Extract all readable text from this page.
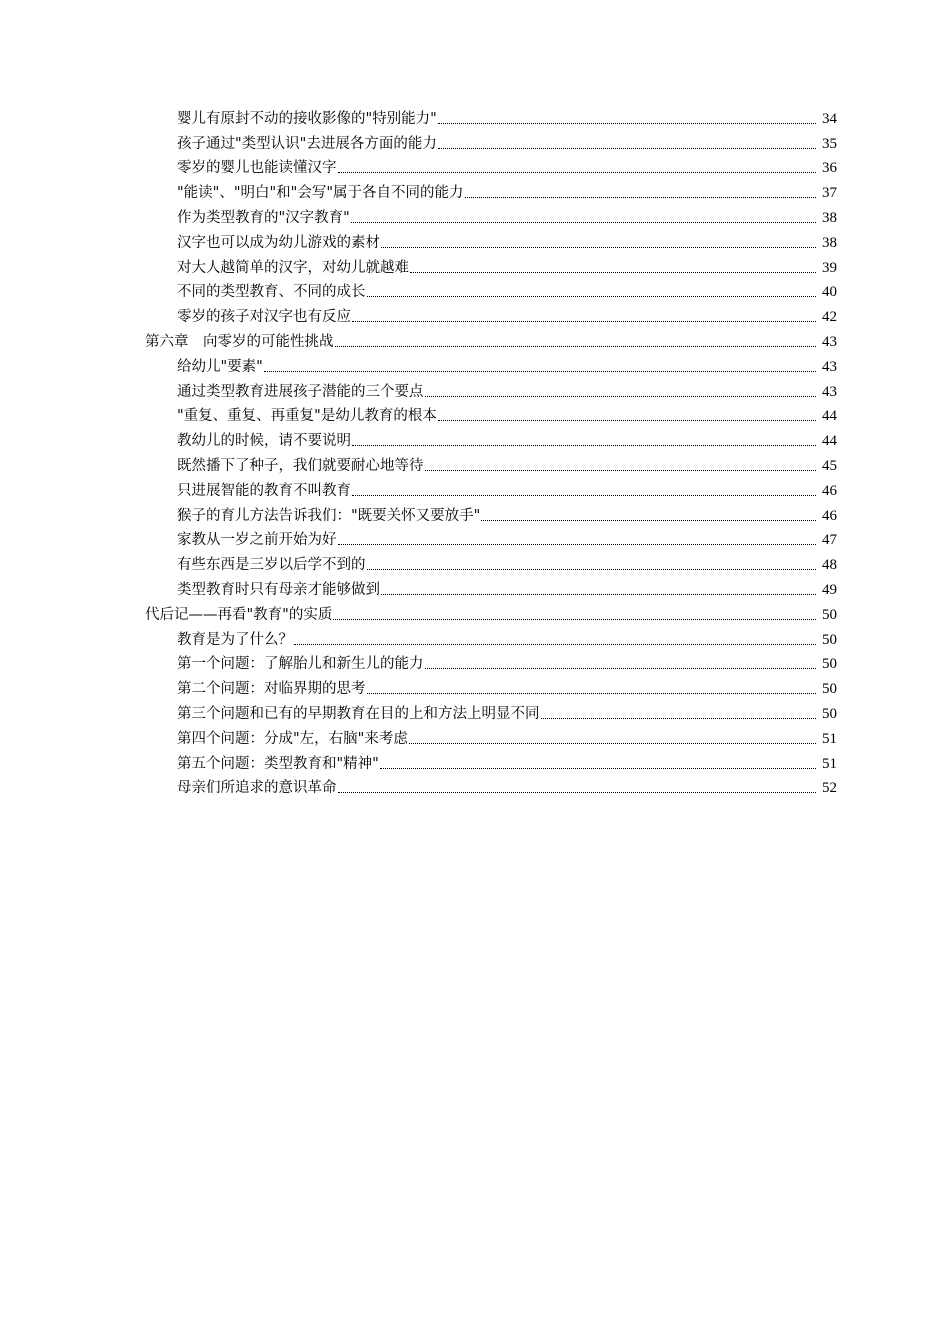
婴儿有原封不动的接收影像的"特别能力"	34
孩子通过"类型认识"去进展各方面的能力	35
零岁的婴儿也能读懂汉字	36
"能读"、"明白"和"会写"属于各自不同的能力	37
作为类型教育的"汉字教育"	38
汉字也可以成为幼儿游戏的素材	38
对大人越简单的汉字，对幼儿就越难	39
不同的类型教育、不同的成长	40
零岁的孩子对汉字也有反应	42
第六章　向零岁的可能性挑战	43
给幼儿"要素"	43
通过类型教育进展孩子潜能的三个要点	43
"重复、重复、再重复"是幼儿教育的根本	44
教幼儿的时候，请不要说明	44
既然播下了种子，我们就要耐心地等待	45
只进展智能的教育不叫教育	46
猴子的育儿方法告诉我们："既要关怀又要放手"	46
家教从一岁之前开始为好	47
有些东西是三岁以后学不到的	48
类型教育时只有母亲才能够做到	49
代后记——再看"教育"的实质	50
教育是为了什么？	50
第一个问题：了解胎儿和新生儿的能力	50
第二个问题：对临界期的思考	50
第三个问题和已有的早期教育在目的上和方法上明显不同	50
第四个问题：分成"左，右脑"来考虑	51
第五个问题：类型教育和"精神"	51
母亲们所追求的意识革命	52
